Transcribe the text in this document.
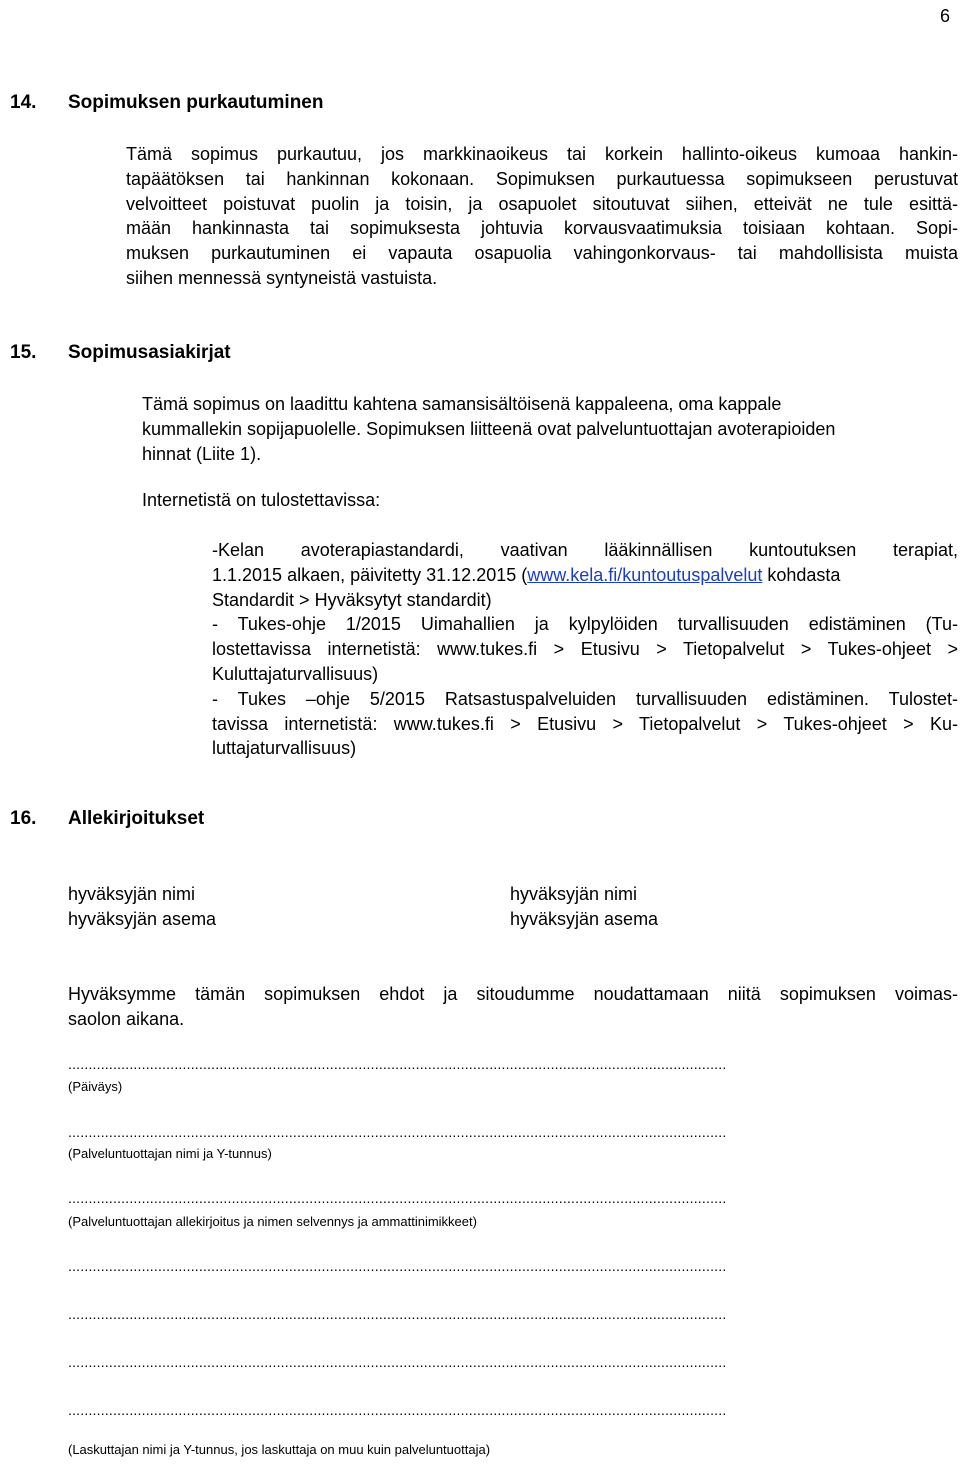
6
14. Sopimuksen purkautuminen

Tämä sopimus purkautuu, jos markkinaoikeus tai korkein hallinto-oikeus kumoaa hankin-

tapäätöksen tai hankinnan kokonaan. Sopimuksen purkautuessa sopimukseen perustuvat

velvoitteet poistuvat puolin ja toisin, ja osapuolet sitoutuvat siihen, etteivät ne tule esittä-

mään hankinnasta tai sopimuksesta johtuvia korvausvaatimuksia toisiaan kohtaan. Sopi-

muksen purkautuminen ei vapauta osapuolia vahingonkorvaus- tai mahdollisista muista

siihen mennessä syntyneistä vastuista.

15. Sopimusasiakirjat

Tämä sopimus on laadittu kahtena samansisältöisenä kappaleena, oma kappale

kummallekin sopijapuolelle. Sopimuksen liitteenä ovat palveluntuottajan avoterapioiden

hinnat (Liite 1).

Internetistä on tulostettavissa:

-Kelan avoterapiastandardi, vaativan lääkinnällisen kuntoutuksen terapiat,

1.1.2015 alkaen, päivitetty 31.12.2015 (www.kela.fi/kuntoutuspalvelut kohdasta

Standardit > Hyväksytyt standardit)

- Tukes-ohje 1/2015 Uimahallien ja kylpylöiden turvallisuuden edistäminen (Tu-

lostettavissa internetistä: www.tukes.fi > Etusivu > Tietopalvelut > Tukes-ohjeet >

Kuluttajaturvallisuus)

- Tukes –ohje 5/2015 Ratsastuspalveluiden turvallisuuden edistäminen. Tulostet-

tavissa internetistä: www.tukes.fi > Etusivu > Tietopalvelut > Tukes-ohjeet > Ku-

luttajaturvallisuus)

16. Allekirjoitukset

hyväksyjän nimi

hyväksyjän asema

hyväksyjän nimi

hyväksyjän asema

Hyväksymme tämän sopimuksen ehdot ja sitoudumme noudattamaan niitä sopimuksen voimas-

saolon aikana.

.................................................................................................................................................................
(Päiväys)
.................................................................................................................................................................
(Palveluntuottajan nimi ja Y-tunnus)
.................................................................................................................................................................
(Palveluntuottajan allekirjoitus ja nimen selvennys ja ammattinimikkeet)
.................................................................................................................................................................
.................................................................................................................................................................
.................................................................................................................................................................
.................................................................................................................................................................
(Laskuttajan nimi ja Y-tunnus, jos laskuttaja on muu kuin palveluntuottaja)
